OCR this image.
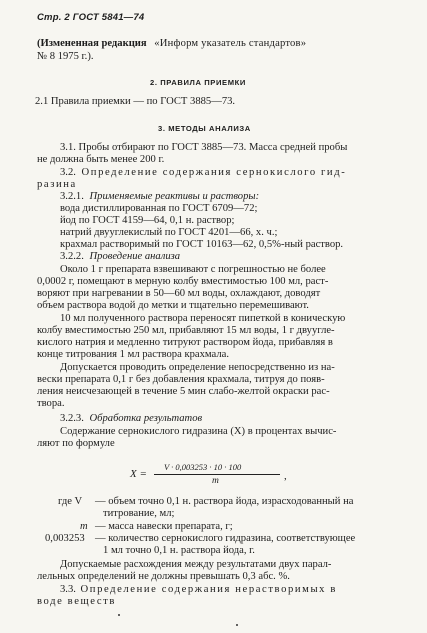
Стр. 2 ГОСТ 5841—74
(Измененная редакция «Информ указатель стандартов»
№ 8 1975 г.).
2. ПРАВИЛА ПРИЕМКИ
2.1 Правила приемки — по ГОСТ 3885—73.
3. МЕТОДЫ АНАЛИЗА
3.1. Пробы отбирают по ГОСТ 3885—73. Масса средней пробы
не должна быть менее 200 г.
3.2. Определение содержания сернокислого гид-
разина
3.2.1. Применяемые реактивы и растворы:
вода дистиллированная по ГОСТ 6709—72;
йод по ГОСТ 4159—64, 0,1 н. раствор;
натрий двууглекислый по ГОСТ 4201—66, х. ч.;
крахмал растворимый по ГОСТ 10163—62, 0,5%-ный раствор.
3.2.2. Проведение анализа
Около 1 г препарата взвешивают с погрешностью не более
0,0002 г, помещают в мерную колбу вместимостью 100 мл, раст-
воряют при нагревании в 50—60 мл воды, охлаждают, доводят
объем раствора водой до метки и тщательно перемешивают.
10 мл полученного раствора переносят пипеткой в коническую
колбу вместимостью 250 мл, прибавляют 15 мл воды, 1 г двуугле-
кислого натрия и медленно титруют раствором йода, прибавляя в
конце титрования 1 мл раствора крахмала.
Допускается проводить определение непосредственно из на-
вески препарата 0,1 г без добавления крахмала, титруя до появ-
ления неисчезающей в течение 5 мин слабо-желтой окраски рас-
твора.
3.2.3. Обработка результатов
Содержание сернокислого гидразина (X) в процентах вычис-
ляют по формуле
X =
V · 0,003253 · 10 · 100
m	,
где V — объем точно 0,1 н. раствора йода, израсходованный на
титрование, мл;
m — масса навески препарата, г;
0,003253 — количество сернокислого гидразина, соответствующее
1 мл точно 0,1 н. раствора йода, г.
Допускаемые расхождения между результатами двух парал-
лельных определений не должны превышать 0,3 абс. %.
3.3. Определение содержания нерастворимых в
воде веществ
